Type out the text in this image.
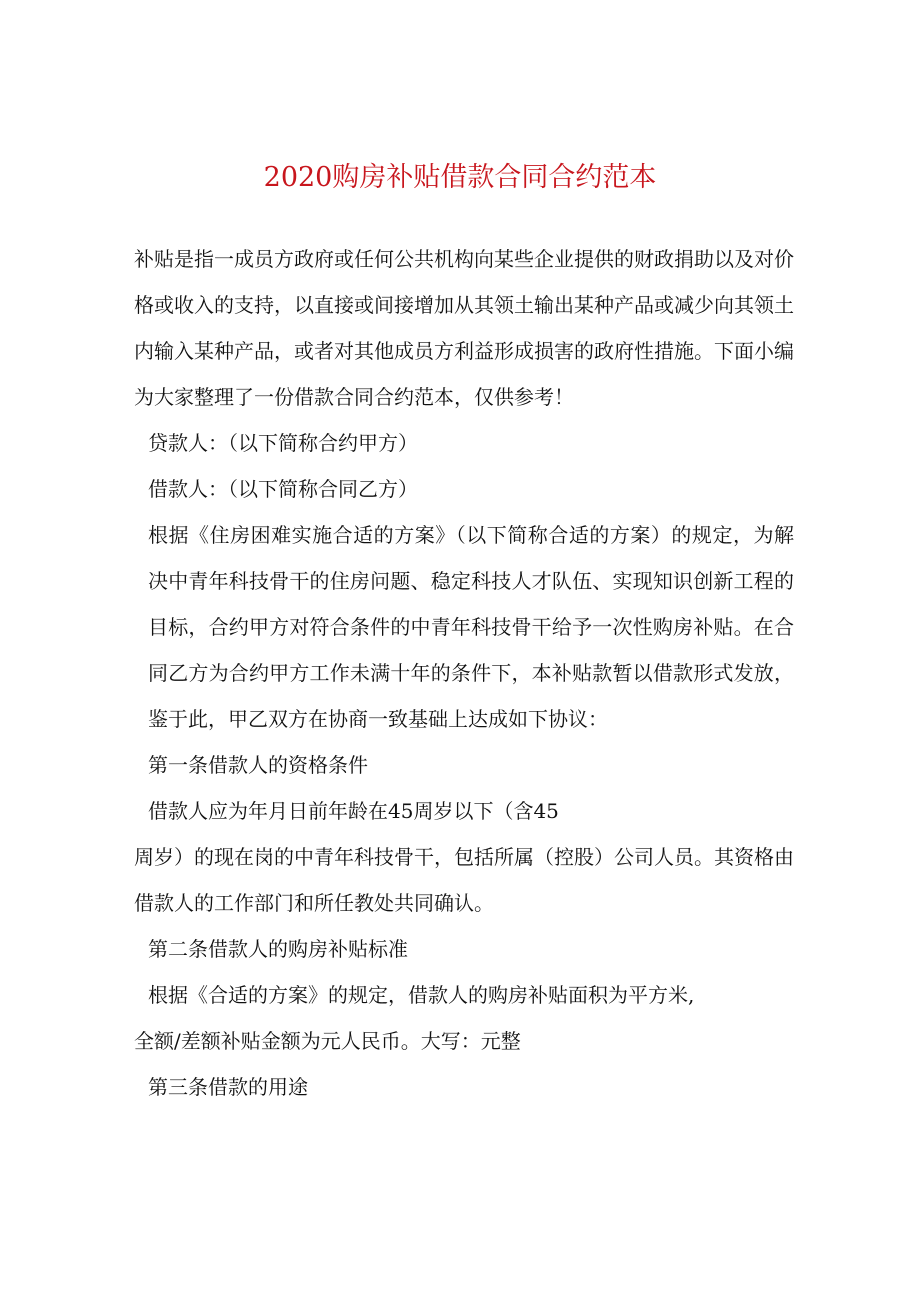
2020购房补贴借款合同合约范本

补贴是指一成员方政府或任何公共机构向某些企业提供的财政捐助以及对价格或收入的支持，以直接或间接增加从其领土输出某种产品或减少向其领土内输入某种产品，或者对其他成员方利益形成损害的政府性措施。下面小编为大家整理了一份借款合同合约范本，仅供参考！

贷款人：（以下简称合约甲方）

借款人：（以下简称合同乙方）

根据《住房困难实施合适的方案》（以下简称合适的方案）的规定，为解决中青年科技骨干的住房问题、稳定科技人才队伍、实现知识创新工程的目标，合约甲方对符合条件的中青年科技骨干给予一次性购房补贴。在合同乙方为合约甲方工作未满十年的条件下，本补贴款暂以借款形式发放，鉴于此，甲乙双方在协商一致基础上达成如下协议：

第一条借款人的资格条件

借款人应为年月日前年龄在45周岁以下（含45

周岁）的现在岗的中青年科技骨干，包括所属（控股）公司人员。其资格由借款人的工作部门和所任教处共同确认。

第二条借款人的购房补贴标准

根据《合适的方案》的规定，借款人的购房补贴面积为平方米,

全额/差额补贴金额为元人民币。大写：元整

第三条借款的用途
